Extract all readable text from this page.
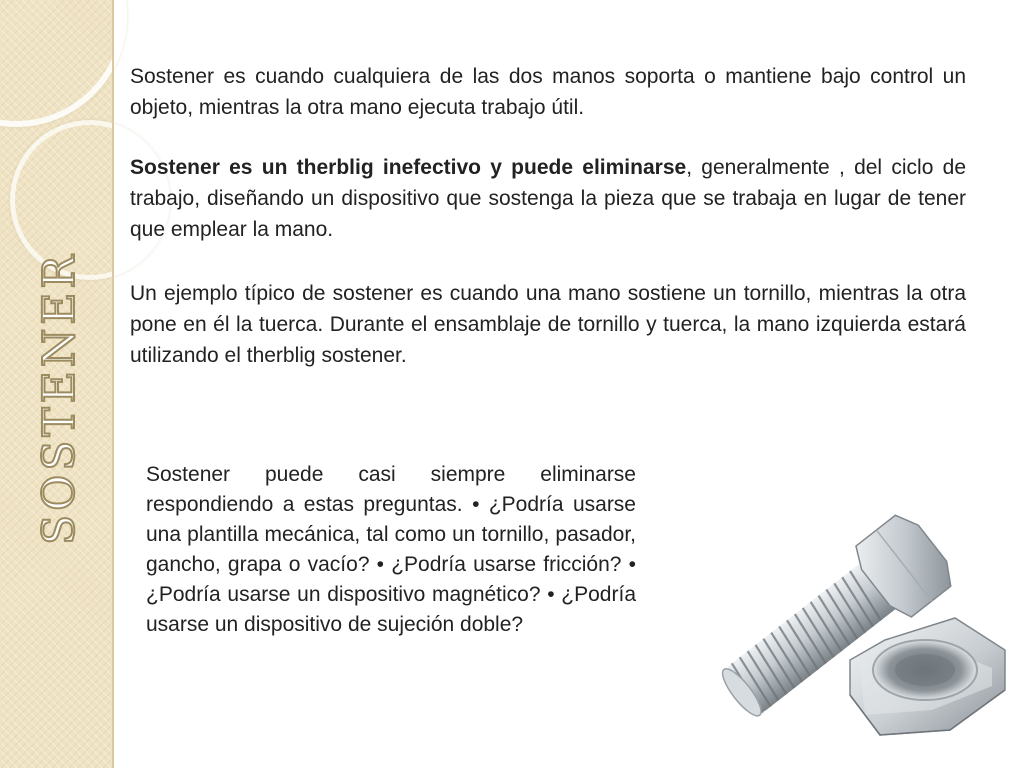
SOSTENER

Sostener es cuando cualquiera de las dos manos soporta o mantiene bajo control un objeto, mientras la otra mano ejecuta trabajo útil.

Sostener es un therblig inefectivo y puede eliminarse, generalmente , del ciclo de trabajo, diseñando un dispositivo que sostenga la pieza que se trabaja en lugar de tener que emplear la mano.

Un ejemplo típico de sostener es cuando una mano sostiene un tornillo, mientras la otra pone en él la tuerca. Durante el ensamblaje de tornillo y tuerca, la mano izquierda estará utilizando el therblig sostener.

Sostener puede casi siempre eliminarse respondiendo a estas preguntas. • ¿Podría usarse una plantilla mecánica, tal como un tornillo, pasador, gancho, grapa o vacío? • ¿Podría usarse fricción? • ¿Podría usarse un dispositivo magnético? • ¿Podría usarse un dispositivo de sujeción doble?
